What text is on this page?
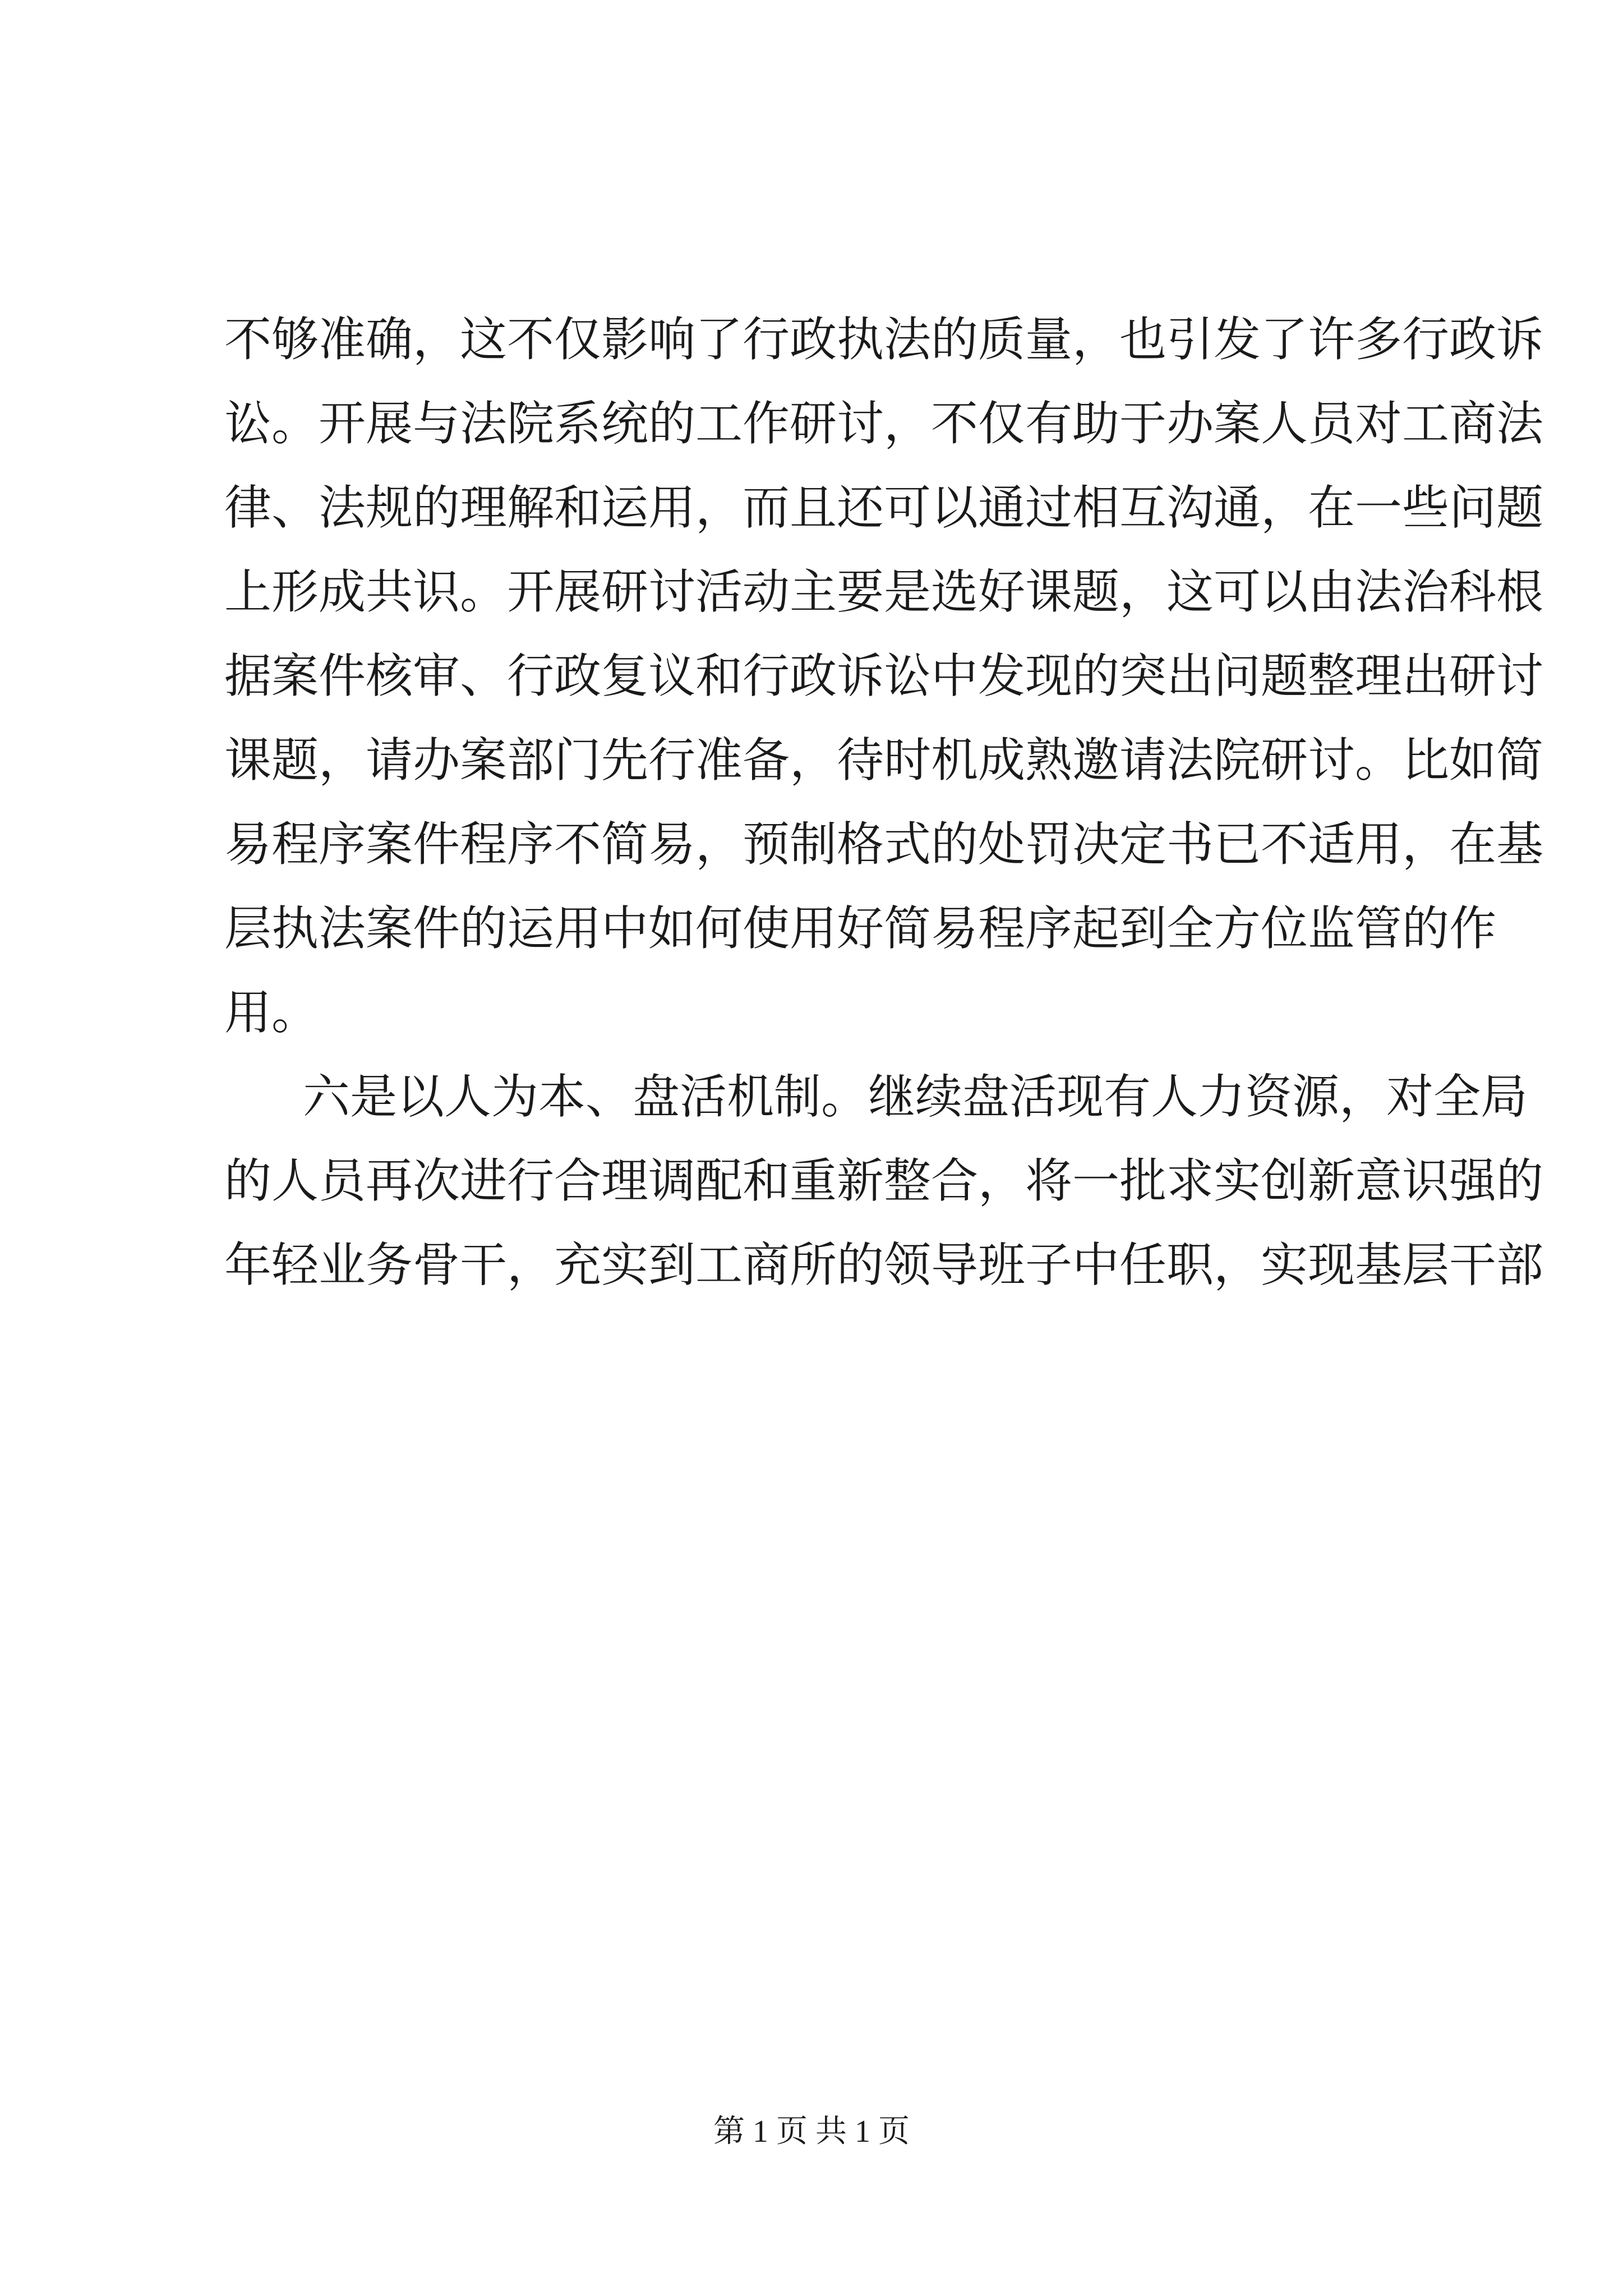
不够准确，这不仅影响了行政执法的质量，也引发了许多行政诉
讼。开展与法院系统的工作研讨，不仅有助于办案人员对工商法
律、法规的理解和运用，而且还可以通过相互沟通，在一些问题
上形成共识。开展研讨活动主要是选好课题，这可以由法治科根
据案件核审、行政复议和行政诉讼中发现的突出问题整理出研讨
课题，请办案部门先行准备，待时机成熟邀请法院研讨。比如简
易程序案件程序不简易，预制格式的处罚决定书已不适用，在基
层执法案件的运用中如何使用好简易程序起到全方位监管的作
用。
六是以人为本、盘活机制。继续盘活现有人力资源，对全局
的人员再次进行合理调配和重新整合，将一批求实创新意识强的
年轻业务骨干，充实到工商所的领导班子中任职，实现基层干部
第 1 页 共 1 页
